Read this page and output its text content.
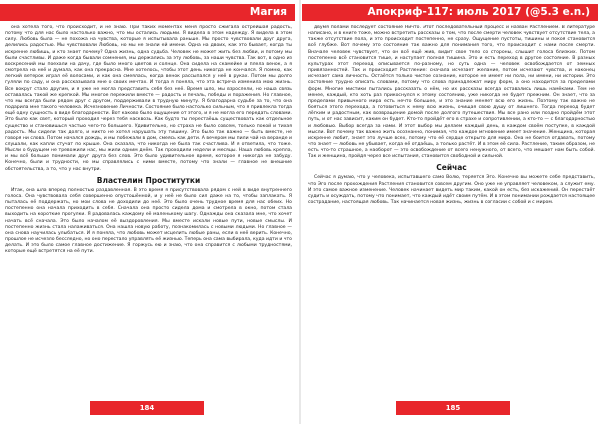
Магия
она хотела того, что происходит, и не знаю. При таких моментах меня просто сжигала острейшая радость, потому что для нас было настолько важно, что мы остались людьми. Я видела в этом надежду. Я видела в этом силу. Любовь была — не похожа на чувства, которые я испытывала раньше. Мы просто чувствовали друг друга, делились радостью. Мы чувствовали Любовь, но мы не знали ей имени. Одна на двоих, как это бывает, когда ты искренне любишь, и кто знает почему? Одна жизнь, одна судьба. Человек не может жить без любви, и потому мы были счастливы. И даже когда бывали сомнения, мы держались за эту любовь, за наши чувства. Так вот, в одно из воскресений мы поехали на дачу, где было много цветов и солнце. Она сидела на скамейке и плела венок, а я смотрела на неё и думала, как она прекрасна. Мне хотелось, чтобы этот день никогда не кончался. Я помню, как легкий ветерок играл её волосами, и как она смеялась, когда венок рассыпался у неё в руках. Потом мы долго гуляли по саду, и она рассказывала мне о своих мечтах. И тогда я поняла, что эта встреча изменила мою жизнь. Все вокруг стало другим, и я уже не могла представить себя без неё. Время шло, мы взрослели, но наша связь оставалась такой же крепкой. Мы многое пережили вместе — радость и печаль, победы и поражения. Но главное, что мы всегда были рядом друг с другом, поддерживали в трудную минуту. Я благодарна судьбе за то, что она подарила мне такого человека. Исчезновение Личности. Состояние было настолько сильным, что я привлекла тогда ещё одну сущность в виде благодарности. Вот каково было ощущение от этого, и я не могла его передать словами. Это было как свет, который проходил через тебя насквозь. Как будто ты перестаёшь существовать как отдельное существо и становишься частью чего-то большего. Удивительно, но страха не было совсем, только покой и тихая радость. Мы сидели так долго, и никто не хотел нарушать эту тишину. Это было так важно — быть вместе, не говоря ни слова. Потом начался дождь, и мы побежали в дом, смеясь как дети. А вечером мы пили чай на веранде и слушали, как капли стучат по крыше. Она сказала, что никогда не была так счастлива. И я ответила, что тоже. Мысли о будущем не тревожили нас, мы жили одним днём. Так проходили недели и месяцы. Наша любовь крепла, и мы всё больше понимали друг друга без слов. Это было удивительное время, которое я никогда не забуду. Конечно, были и трудности, но мы справлялись с ними вместе, потому что знали — главное не внешние обстоятельства, а то, что у нас внутри.
Властелин Проститутки
Итак, она шла вперед полностью раздавленная. В это время я присутствовала рядом с ней в виде внутреннего голоса. Она чувствовала себя совершенно опустошённой, и у неё не было сил даже на то, чтобы заплакать. Я пыталась её поддержать, но мои слова не доходили до неё. Это было очень трудное время для нас обеих. Но постепенно она начала приходить в себя. Сначала она просто сидела дома и смотрела в окно, потом стала выходить на короткие прогулки. Я радовалась каждому её маленькому шагу. Однажды она сказала мне, что хочет начать всё сначала. Это было началом её выздоровления. Мы вместе искали новые пути, новые смыслы. И постепенно жизнь стала налаживаться. Она нашла новую работу, познакомилась с новыми людьми. Но главное — она снова научилась улыбаться. И я поняла, что любовь может исцелить любые раны, если в неё верить. Конечно, прошлое не исчезло бесследно, но оно перестало управлять её жизнью. Теперь она сама выбирала, куда идти и что делать. И это было самое главное достижение. Я горжусь ею и знаю, что она справится с любыми трудностями, которые ещё встретятся на её пути.
184
Апокриф-117: июль 2017 (@5.3 e.n.)
двумя полами последует состояние Ничто. Этот последовательный процесс и назван Растлением. В литературе написано, и в книге тоже, можно встретить рассказы о том, что после смерти человек чувствует отсутствие тела, а также отсутствие пола, и это происходит постепенно, не сразу. Ощущение пустоты, тишины и покоя становится всё глубже. Вот почему это состояние так важно для понимания того, что происходит с нами после смерти. Вначале человек чувствует, что он всё ещё жив, видит свое тело со стороны, слышит голоса близких. Потом постепенно всё становится тише, и наступает полная тишина. Это и есть переход в другое состояние. В разных культурах этот переход описывается по-разному, но суть одна — человек освобождается от земных привязанностей. Так и происходит Растление: сначала исчезает желание, потом исчезают чувства, и наконец исчезает сама личность. Остаётся только чистое сознание, которое не имеет ни пола, ни имени, ни истории. Это состояние трудно описать словами, потому что слова принадлежат миру форм, а оно находится за пределами форм. Многие мистики пытались рассказать о нём, но их рассказы всегда оставались лишь намёками. Тем не менее, каждый, кто хоть раз прикоснулся к этому состоянию, уже никогда не будет прежним. Он знает, что за пределами привычного мира есть нечто большее, и это знание меняет всю его жизнь. Поэтому так важно не бояться этого перехода, а готовиться к нему всю жизнь, очищая свою душу от лишнего. Тогда переход будет лёгким и радостным, как возвращение домой после долгого путешествия. Мы все рано или поздно пройдём этот путь, и от нас зависит, каким он будет. Кто-то пройдёт его в страхе и сопротивлении, а кто-то — с благодарностью и любовью. Выбор всегда за нами. И этот выбор мы делаем каждый день, в каждом своём поступке, в каждой мысли. Вот почему так важно жить осознанно, понимая, что каждое мгновение имеет значение. Женщина, которая искренне любит, знает это лучше всех, потому что её сердце открыто для мира. Она не боится отдавать, потому что знает — любовь не убывает, когда её отдаёшь, а только растёт. И в этом её сила. Растление, таким образом, не есть что-то страшное, а наоборот — это освобождение от всего ненужного, от всего, что мешает нам быть собой. Так и женщина, пройдя через все испытания, становится свободной и сильной.
Сейчас
Сейчас я думаю, что у человека, испытавшего само Волю, теряется Эго. Конечно вы можете себе представить, что Эго после прохождения Растления становится совсем другим. Оно уже не управляет человеком, а служит ему. И это самое важное изменение. Человек начинает видеть мир таким, какой он есть, без искажений. Он перестаёт судить и осуждать, потому что понимает, что каждый идёт своим путём. И в этом понимании рождается настоящее сострадание, настоящая любовь. Так начинается новая жизнь, жизнь в согласии с собой и с миром.
185
